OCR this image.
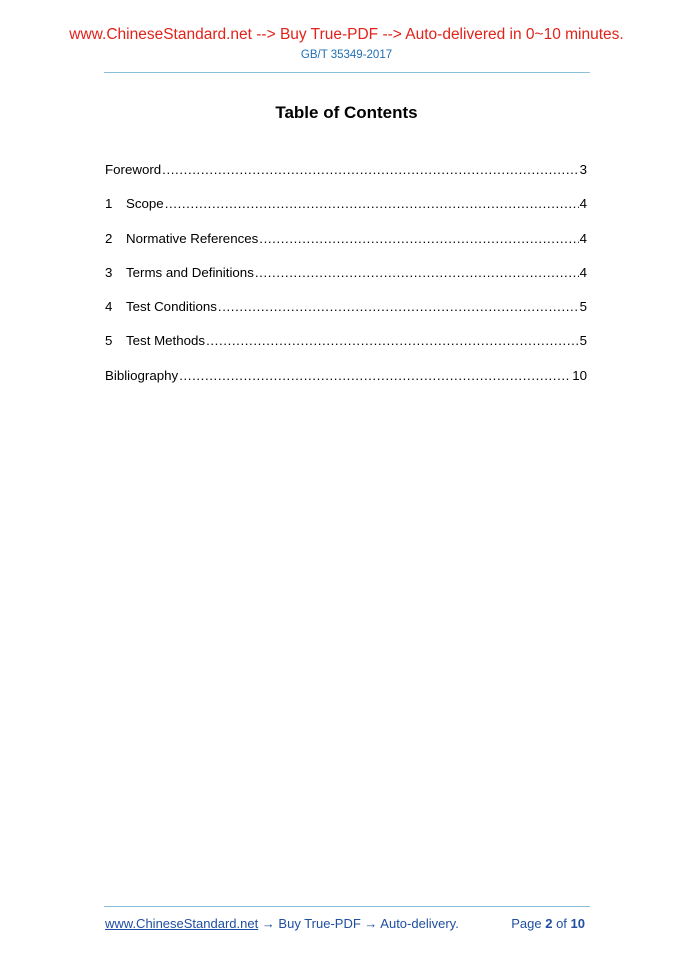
www.ChineseStandard.net --> Buy True-PDF --> Auto-delivered in 0~10 minutes.
GB/T 35349-2017
Table of Contents
Foreword .....	3
1	Scope .....	4
2	Normative References .....	4
3	Terms and Definitions .....	4
4	Test Conditions .....	5
5	Test Methods .....	5
Bibliography .....	10
www.ChineseStandard.net → Buy True-PDF → Auto-delivery.	Page 2 of 10
